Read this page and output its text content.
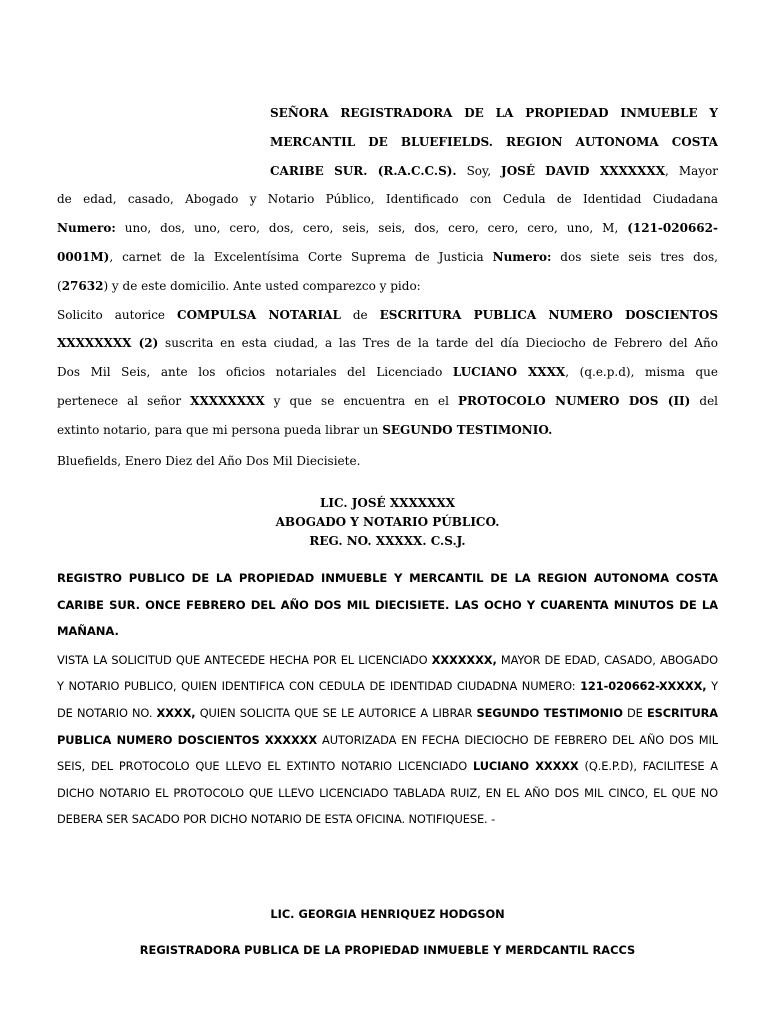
SEÑORA REGISTRADORA DE LA PROPIEDAD INMUEBLE Y

MERCANTIL DE BLUEFIELDS. REGION AUTONOMA COSTA

CARIBE SUR. (R.A.C.C.S). Soy, JOSÉ DAVID XXXXXXX, Mayor

de edad, casado, Abogado y Notario Público, Identificado con Cedula de Identidad Ciudadana

Numero: uno, dos, uno, cero, dos, cero, seis, seis, dos, cero, cero, cero, uno, M, (121-020662-

0001M), carnet de la Excelentísima Corte Suprema de Justicia Numero: dos siete seis tres dos,

(27632) y de este domicilio. Ante usted comparezco y pido:

Solicito autorice COMPULSA NOTARIAL de ESCRITURA PUBLICA NUMERO DOSCIENTOS

XXXXXXXX (2) suscrita en esta ciudad, a las Tres de la tarde del día Dieciocho de Febrero del Año

Dos Mil Seis, ante los oficios notariales del Licenciado LUCIANO XXXX, (q.e.p.d), misma que

pertenece al señor XXXXXXXX y que se encuentra en el PROTOCOLO NUMERO DOS (II) del

extinto notario, para que mi persona pueda librar un SEGUNDO TESTIMONIO.

Bluefields, Enero Diez del Año Dos Mil Diecisiete.

LIC. JOSÉ XXXXXXX
ABOGADO Y NOTARIO PÚBLICO.
REG. NO. XXXXX. C.S.J.

REGISTRO PUBLICO DE LA PROPIEDAD INMUEBLE Y MERCANTIL DE LA REGION AUTONOMA COSTA CARIBE SUR. ONCE FEBRERO DEL AÑO DOS MIL DIECISIETE. LAS OCHO Y CUARENTA MINUTOS DE LA MAÑANA.

VISTA LA SOLICITUD QUE ANTECEDE HECHA POR EL LICENCIADO XXXXXXX, MAYOR DE EDAD, CASADO, ABOGADO Y NOTARIO PUBLICO, QUIEN IDENTIFICA CON CEDULA DE IDENTIDAD CIUDADNA NUMERO: 121-020662-XXXXX, Y DE NOTARIO NO. XXXX, QUIEN SOLICITA QUE SE LE AUTORICE A LIBRAR SEGUNDO TESTIMONIO DE ESCRITURA PUBLICA NUMERO DOSCIENTOS XXXXXX AUTORIZADA EN FECHA DIECIOCHO DE FEBRERO DEL AÑO DOS MIL SEIS, DEL PROTOCOLO QUE LLEVO EL EXTINTO NOTARIO LICENCIADO LUCIANO XXXXX (Q.E.P.D), FACILITESE A DICHO NOTARIO EL PROTOCOLO QUE LLEVO LICENCIADO TABLADA RUIZ, EN EL AÑO DOS MIL CINCO, EL QUE NO DEBERA SER SACADO POR DICHO NOTARIO DE ESTA OFICINA. NOTIFIQUESE. -

LIC. GEORGIA HENRIQUEZ HODGSON
REGISTRADORA PUBLICA DE LA PROPIEDAD INMUEBLE Y MERDCANTIL RACCS
